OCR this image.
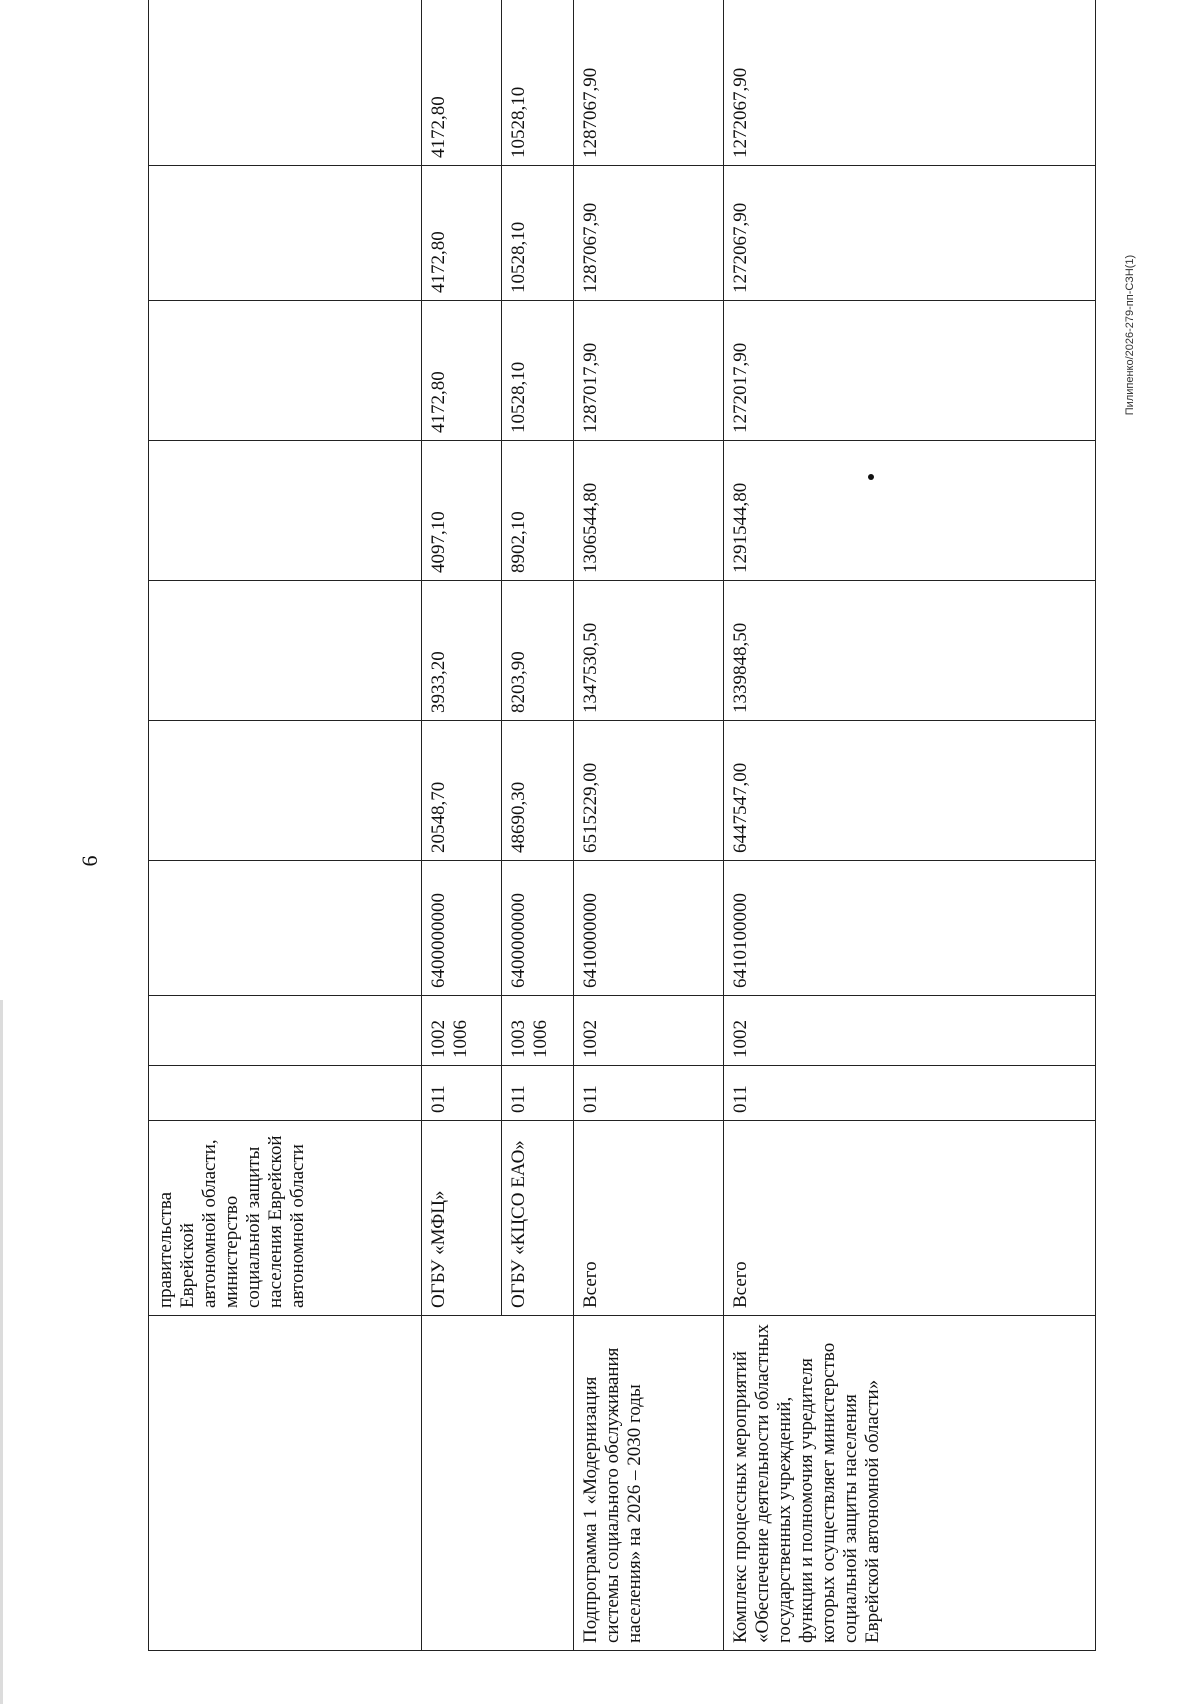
6
Пилипенко/2026-279-пп-СЗН(1)
	правительства Еврейской автономной области, министерство социальной защиты населения Еврейской автономной области									
	ОГБУ «МФЦ»	011	1002 1006	6400000000	20548,70	3933,20	4097,10	4172,80	4172,80	4172,80
	ОГБУ «КЦСО ЕАО»	011	1003 1006	6400000000	48690,30	8203,90	8902,10	10528,10	10528,10	10528,10
Подпрограмма 1 «Модернизация системы социального обслуживания населения» на 2026 – 2030 годы	Всего	011	1002	6410000000	6515229,00	1347530,50	1306544,80	1287017,90	1287067,90	1287067,90
Комплекс процессных мероприятий «Обеспечение деятельности областных государственных учреждений, функции и полномочия учредителя которых осуществляет министерство социальной защиты населения Еврейской автономной области»	Всего	011	1002	6410100000	6447547,00	1339848,50	1291544,80	1272017,90	1272067,90	1272067,90
